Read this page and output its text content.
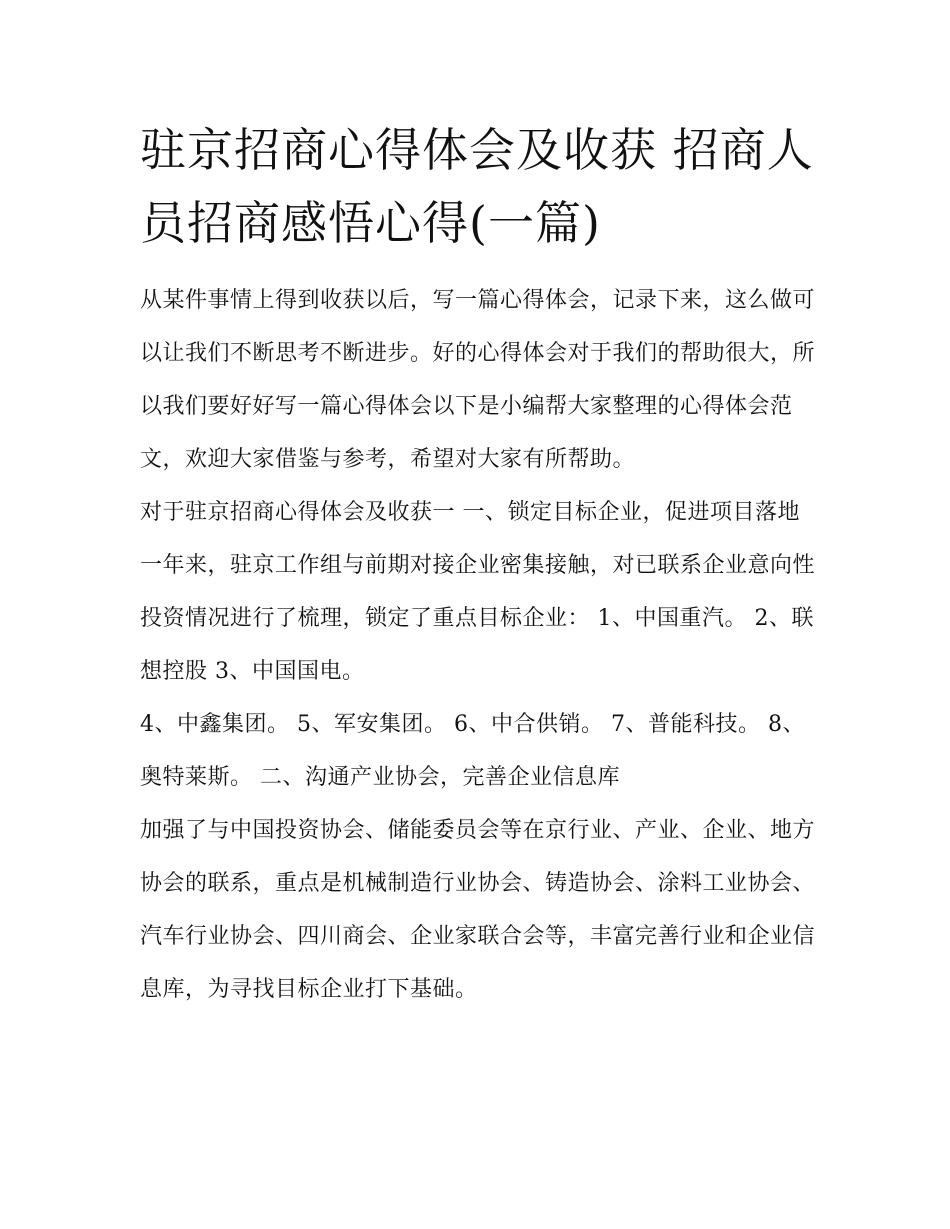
驻京招商心得体会及收获 招商人员招商感悟心得(一篇)

从某件事情上得到收获以后，写一篇心得体会，记录下来，这么做可以让我们不断思考不断进步。好的心得体会对于我们的帮助很大，所以我们要好好写一篇心得体会以下是小编帮大家整理的心得体会范文，欢迎大家借鉴与参考，希望对大家有所帮助。

对于驻京招商心得体会及收获一 一、锁定目标企业，促进项目落地

一年来，驻京工作组与前期对接企业密集接触，对已联系企业意向性投资情况进行了梳理，锁定了重点目标企业： 1、中国重汽。 2、联想控股 3、中国国电。

4、中鑫集团。 5、军安集团。 6、中合供销。 7、普能科技。 8、奥特莱斯。 二、沟通产业协会，完善企业信息库

加强了与中国投资协会、储能委员会等在京行业、产业、企业、地方协会的联系，重点是机械制造行业协会、铸造协会、涂料工业协会、汽车行业协会、四川商会、企业家联合会等，丰富完善行业和企业信息库，为寻找目标企业打下基础。
